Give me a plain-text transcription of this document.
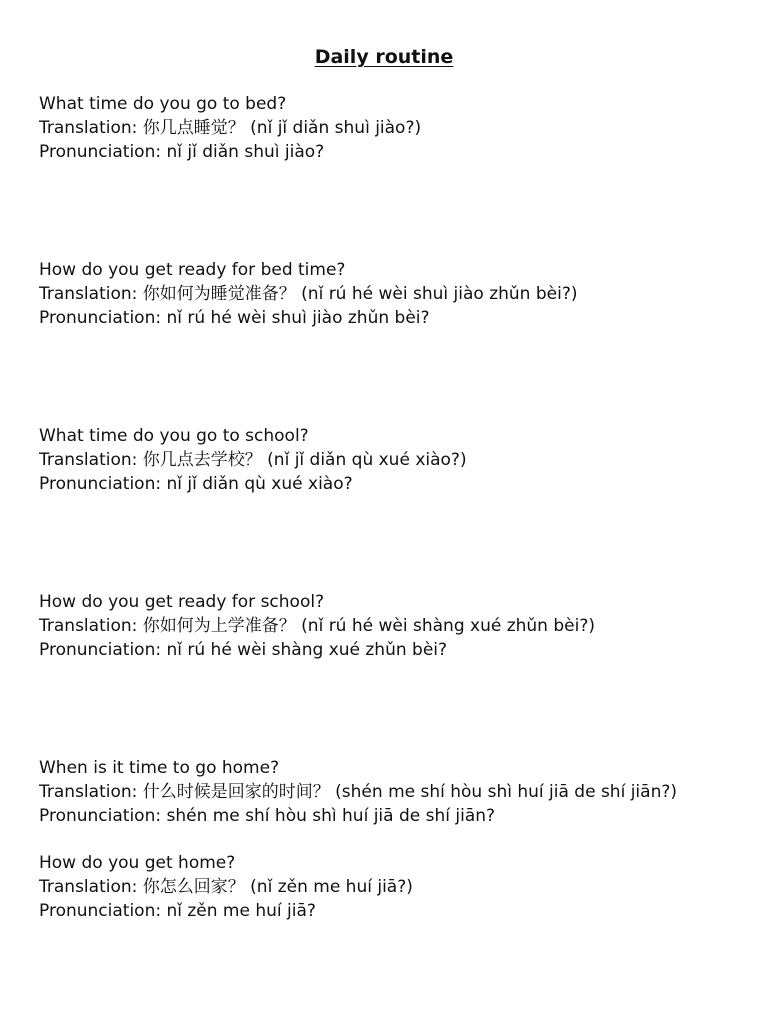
Daily routine

What time do you go to bed?

Translation: 你几点睡觉？ (nǐ jǐ diǎn shuì jiào?)

Pronunciation: nǐ jǐ diǎn shuì jiào?

How do you get ready for bed time?

Translation: 你如何为睡觉准备？ (nǐ rú hé wèi shuì jiào zhǔn bèi?)

Pronunciation: nǐ rú hé wèi shuì jiào zhǔn bèi?

What time do you go to school?

Translation: 你几点去学校？ (nǐ jǐ diǎn qù xué xiào?)

Pronunciation: nǐ jǐ diǎn qù xué xiào?

How do you get ready for school?

Translation: 你如何为上学准备？ (nǐ rú hé wèi shàng xué zhǔn bèi?)

Pronunciation: nǐ rú hé wèi shàng xué zhǔn bèi?

When is it time to go home?

Translation: 什么时候是回家的时间？ (shén me shí hòu shì huí jiā de shí jiān?)

Pronunciation: shén me shí hòu shì huí jiā de shí jiān?

How do you get home?

Translation: 你怎么回家？ (nǐ zěn me huí jiā?)

Pronunciation: nǐ zěn me huí jiā?
